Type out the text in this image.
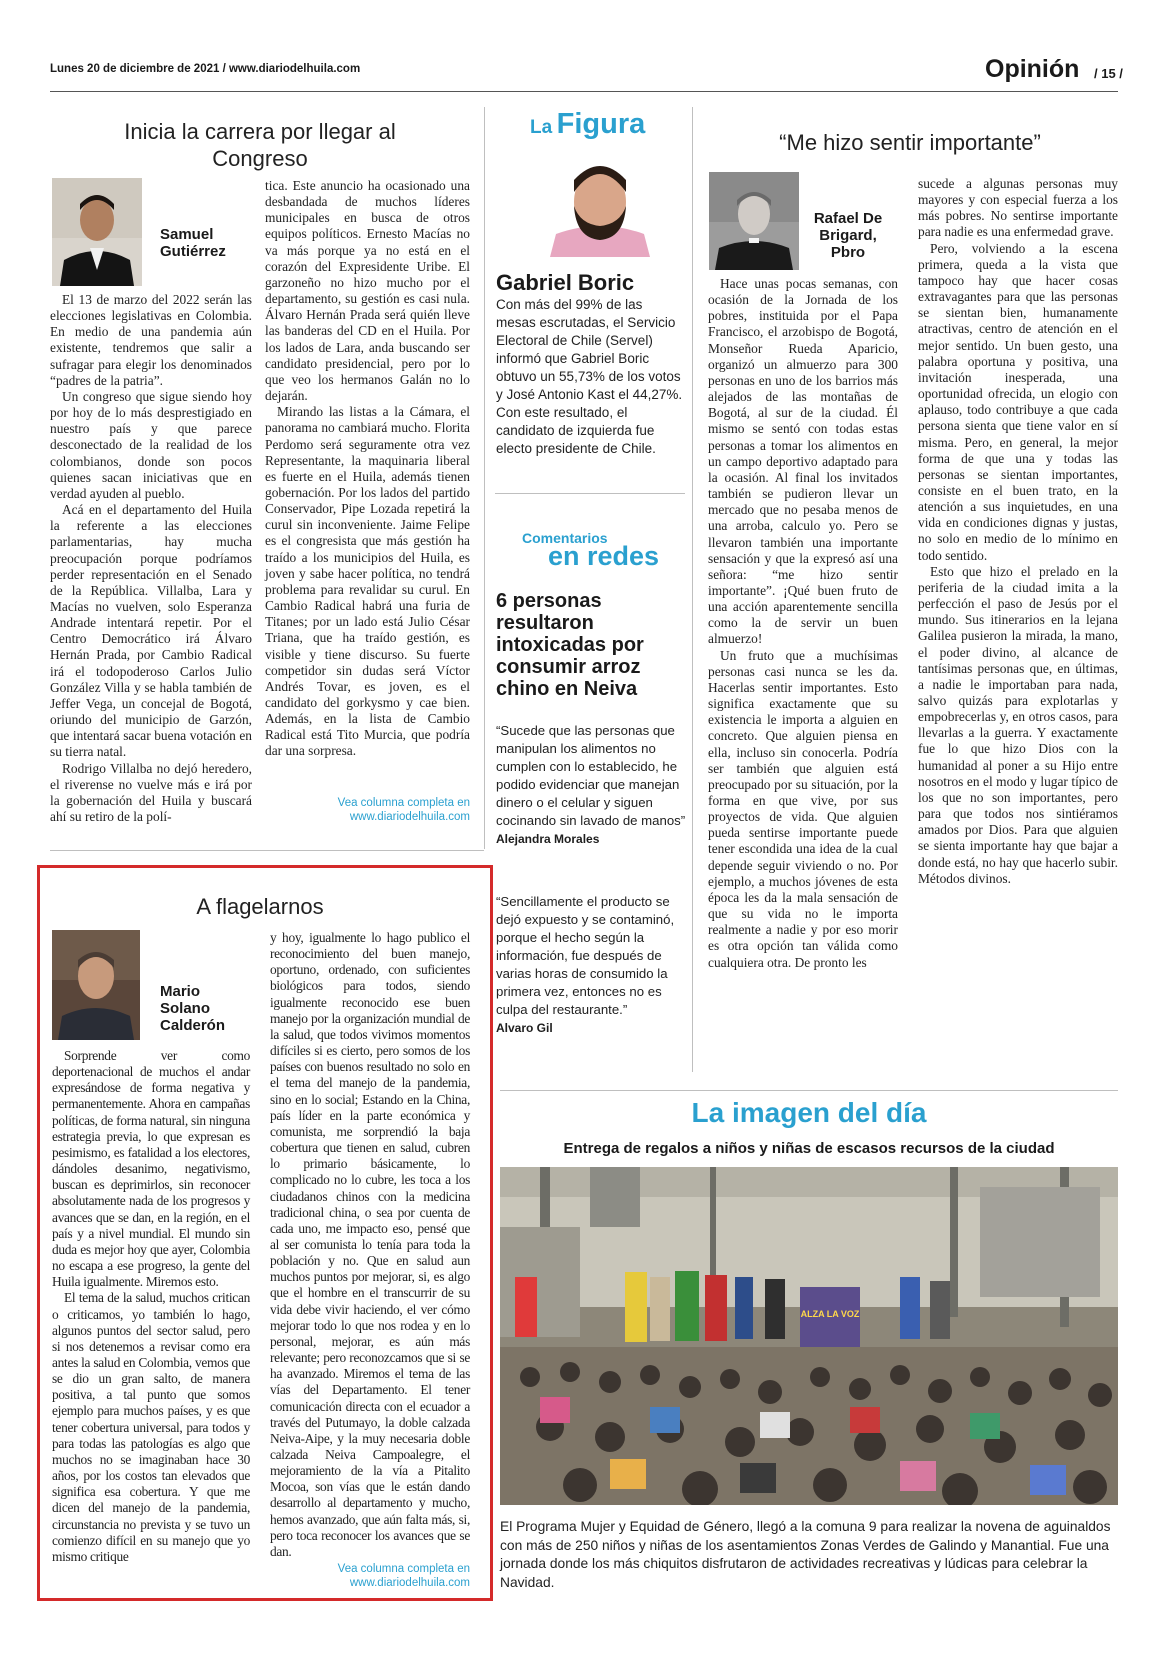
Lunes 20 de diciembre de 2021 / www.diariodelhuila.com	Opinión / 15 /
Inicia la carrera por llegar al Congreso
Samuel Gutiérrez

El 13 de marzo del 2022 serán las elecciones legislativas en Colombia. En medio de una pandemia aún existente, tendremos que salir a sufragar para elegir los denominados “padres de la patria”.

Un congreso que sigue siendo hoy por hoy de lo más desprestigiado en nuestro país y que parece desconectado de la realidad de los colombianos, donde son pocos quienes sacan iniciativas que en verdad ayuden al pueblo.

Acá en el departamento del Huila la referente a las elecciones parlamentarias, hay mucha preocupación porque podríamos perder representación en el Senado de la República. Villalba, Lara y Macías no vuelven, solo Esperanza Andrade intentará repetir. Por el Centro Democrático irá Álvaro Hernán Prada, por Cambio Radical irá el todopoderoso Carlos Julio González Villa y se habla también de Jeffer Vega, un concejal de Bogotá, oriundo del municipio de Garzón, que intentará sacar buena votación en su tierra natal.

Rodrigo Villalba no dejó heredero, el riverense no vuelve más e irá por la gobernación del Huila y buscará ahí su retiro de la polí-

tica. Este anuncio ha ocasionado una desbandada de muchos líderes municipales en busca de otros equipos políticos. Ernesto Macías no va más porque ya no está en el corazón del Expresidente Uribe. El garzoneño no hizo mucho por el departamento, su gestión es casi nula. Álvaro Hernán Prada será quién lleve las banderas del CD en el Huila. Por los lados de Lara, anda buscando ser candidato presidencial, pero por lo que veo los hermanos Galán no lo dejarán.

Mirando las listas a la Cámara, el panorama no cambiará mucho. Florita Perdomo será seguramente otra vez Representante, la maquinaria liberal es fuerte en el Huila, además tienen gobernación. Por los lados del partido Conservador, Pipe Lozada repetirá la curul sin inconveniente. Jaime Felipe es el congresista que más gestión ha traído a los municipios del Huila, es joven y sabe hacer política, no tendrá problema para revalidar su curul. En Cambio Radical habrá una furia de Titanes; por un lado está Julio César Triana, que ha traído gestión, es visible y tiene discurso. Su fuerte competidor sin dudas será Víctor Andrés Tovar, es joven, es el candidato del gorkysmo y cae bien. Además, en la lista de Cambio Radical está Tito Murcia, que podría dar una sorpresa.

Vea columna completa en www.diariodelhuila.com
A flagelarnos
Mario Solano Calderón

Sorprende ver como deportenacional de muchos el andar expresándose de forma negativa y permanentemente. Ahora en campañas políticas, de forma natural, sin ninguna estrategia previa, lo que expresan es pesimismo, es fatalidad a los electores, dándoles desanimo, negativismo, buscan es deprimirlos, sin reconocer absolutamente nada de los progresos y avances que se dan, en la región, en el país y a nivel mundial. El mundo sin duda es mejor hoy que ayer, Colombia no escapa a ese progreso, la gente del Huila igualmente. Miremos esto.

El tema de la salud, muchos critican o criticamos, yo también lo hago, algunos puntos del sector salud, pero si nos detenemos a revisar como era antes la salud en Colombia, vemos que se dio un gran salto, de manera positiva, a tal punto que somos ejemplo para muchos países, y es que tener cobertura universal, para todos y para todas las patologías es algo que muchos no se imaginaban hace 30 años, por los costos tan elevados que significa esa cobertura. Y que me dicen del manejo de la pandemia, circunstancia no prevista y se tuvo un comienzo difícil en su manejo que yo mismo critique

y hoy, igualmente lo hago publico el reconocimiento del buen manejo, oportuno, ordenado, con suficientes biológicos para todos, siendo igualmente reconocido ese buen manejo por la organización mundial de la salud, que todos vivimos momentos difíciles si es cierto, pero somos de los países con buenos resultado no solo en el tema del manejo de la pandemia, sino en lo social; Estando en la China, país líder en la parte económica y comunista, me sorprendió la baja cobertura que tienen en salud, cubren lo primario básicamente, lo complicado no lo cubre, les toca a los ciudadanos chinos con la medicina tradicional china, o sea por cuenta de cada uno, me impacto eso, pensé que al ser comunista lo tenía para toda la población y no. Que en salud aun muchos puntos por mejorar, si, es algo que el hombre en el transcurrir de su vida debe vivir haciendo, el ver cómo mejorar todo lo que nos rodea y en lo personal, mejorar, es aún más relevante; pero reconozcamos que si se ha avanzado. Miremos el tema de las vías del Departamento. El tener comunicación directa con el ecuador a través del Putumayo, la doble calzada Neiva-Aipe, y la muy necesaria doble calzada Neiva Campoalegre, el mejoramiento de la vía a Pitalito Mocoa, son vías que le están dando desarrollo al departamento y mucho, hemos avanzado, que aún falta más, si, pero toca reconocer los avances que se dan.

Vea columna completa en www.diariodelhuila.com
La Figura
Gabriel Boric
Con más del 99% de las mesas escrutadas, el Servicio Electoral de Chile (Servel) informó que Gabriel Boric obtuvo un 55,73% de los votos y José Antonio Kast el 44,27%. Con este resultado, el candidato de izquierda fue electo presidente de Chile.
Comentarios
en redes
6 personas resultaron intoxicadas por consumir arroz chino en Neiva
“Sucede que las personas que manipulan los alimentos no cumplen con lo establecido, he podido evidenciar que manejan dinero o el celular y siguen cocinando sin lavado de manos”
Alejandra Morales
“Sencillamente el producto se dejó expuesto y se contaminó, porque el hecho según la información, fue después de varias horas de consumido la primera vez, entonces no es culpa del restaurante.”
Alvaro Gil
“Me hizo sentir importante”
Rafael De Brigard, Pbro

Hace unas pocas semanas, con ocasión de la Jornada de los pobres, instituida por el Papa Francisco, el arzobispo de Bogotá, Monseñor Rueda Aparicio, organizó un almuerzo para 300 personas en uno de los barrios más alejados de las montañas de Bogotá, al sur de la ciudad. Él mismo se sentó con todas estas personas a tomar los alimentos en un campo deportivo adaptado para la ocasión. Al final los invitados también se pudieron llevar un mercado que no pesaba menos de una arroba, calculo yo. Pero se llevaron también una importante sensación y que la expresó así una señora: “me hizo sentir importante”. ¡Qué buen fruto de una acción aparentemente sencilla como la de servir un buen almuerzo!

Un fruto que a muchísimas personas casi nunca se les da. Hacerlas sentir importantes. Esto significa exactamente que su existencia le importa a alguien en concreto. Que alguien piensa en ella, incluso sin conocerla. Podría ser también que alguien está preocupado por su situación, por la forma en que vive, por sus proyectos de vida. Que alguien pueda sentirse importante puede tener escondida una idea de la cual depende seguir viviendo o no. Por ejemplo, a muchos jóvenes de esta época les da la mala sensación de que su vida no le importa realmente a nadie y por eso morir es otra opción tan válida como cualquiera otra. De pronto les

sucede a algunas personas muy mayores y con especial fuerza a los más pobres. No sentirse importante para nadie es una enfermedad grave.

Pero, volviendo a la escena primera, queda a la vista que tampoco hay que hacer cosas extravagantes para que las personas se sientan bien, humanamente atractivas, centro de atención en el mejor sentido. Un buen gesto, una palabra oportuna y positiva, una invitación inesperada, una oportunidad ofrecida, un elogio con aplauso, todo contribuye a que cada persona sienta que tiene valor en sí misma. Pero, en general, la mejor forma de que una y todas las personas se sientan importantes, consiste en el buen trato, en la atención a sus inquietudes, en una vida en condiciones dignas y justas, no solo en medio de lo mínimo en todo sentido.

Esto que hizo el prelado en la periferia de la ciudad imita a la perfección el paso de Jesús por el mundo. Sus itinerarios en la lejana Galilea pusieron la mirada, la mano, el poder divino, al alcance de tantísimas personas que, en últimas, a nadie le importaban para nada, salvo quizás para explotarlas y empobrecerlas y, en otros casos, para llevarlas a la guerra. Y exactamente fue lo que hizo Dios con la humanidad al poner a su Hijo entre nosotros en el modo y lugar típico de los que no son importantes, pero para que todos nos sintiéramos amados por Dios. Para que alguien se sienta importante hay que bajar a donde está, no hay que hacerlo subir. Métodos divinos.

La imagen del día
Entrega de regalos a niños y niñas de escasos recursos de la ciudad
ALZA LA VOZ
El Programa Mujer y Equidad de Género, llegó a la comuna 9 para realizar la novena de aguinaldos con más de 250 niños y niñas de los asentamientos Zonas Verdes de Galindo y Manantial. Fue una jornada donde los más chiquitos disfrutaron de actividades recreativas y lúdicas para celebrar la Navidad.
